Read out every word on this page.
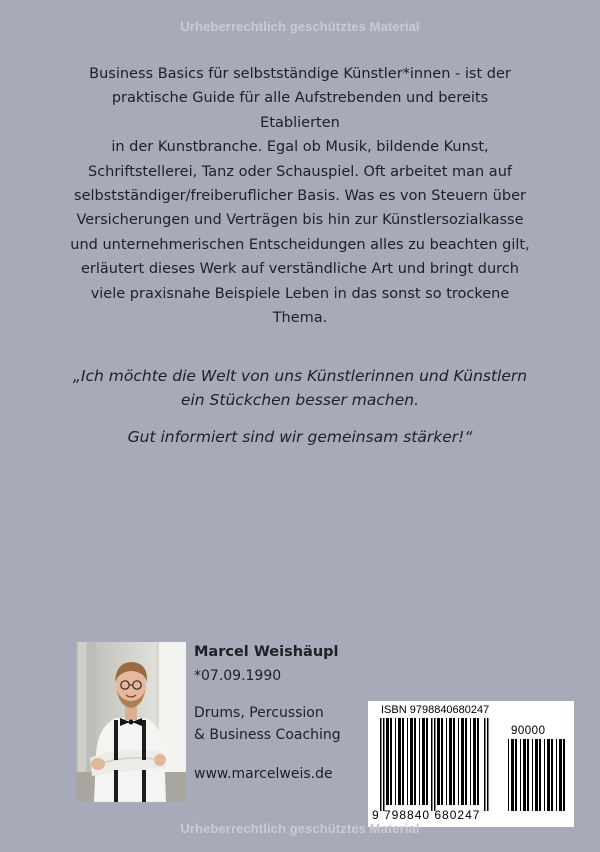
Urheberrechtlich geschütztes Material
Business Basics für selbstständige Künstler*innen - ist der
praktische Guide für alle Aufstrebenden und bereits Etablierten
in der Kunstbranche. Egal ob Musik, bildende Kunst,
Schriftstellerei, Tanz oder Schauspiel. Oft arbeitet man auf
selbstständiger/freiberuflicher Basis. Was es von Steuern über
Versicherungen und Verträgen bis hin zur Künstlersozialkasse
und unternehmerischen Entscheidungen alles zu beachten gilt,
erläutert dieses Werk auf verständliche Art und bringt durch
viele praxisnahe Beispiele Leben in das sonst so trockene
Thema.
„Ich möchte die Welt von uns Künstlerinnen und Künstlern
ein Stückchen besser machen.
Gut informiert sind wir gemeinsam stärker!“
Marcel Weishäupl
*07.09.1990
Drums, Percussion
& Business Coaching
www.marcelweis.de
ISBN 9798840680247
90000
9 798840 680247
Urheberrechtlich geschütztes Material
